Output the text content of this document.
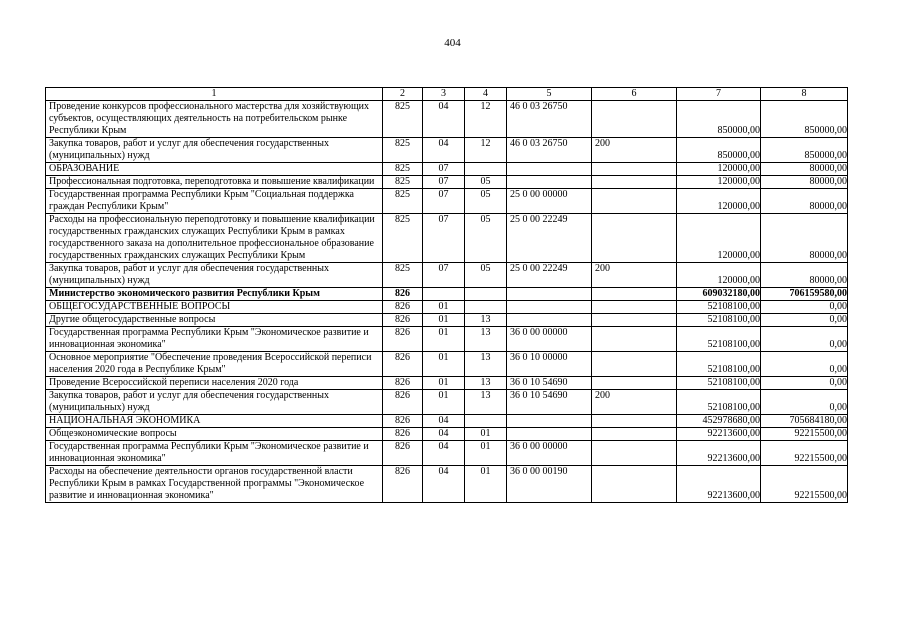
404
1	2	3	4	5	6	7	8
Проведение конкурсов профессионального мастерства для хозяйствующих субъектов, осуществляющих деятельность на потребительском рынке Республики Крым	825	04	12	46 0 03 26750		850000,00	850000,00
Закупка товаров, работ и услуг для обеспечения государственных (муниципальных) нужд	825	04	12	46 0 03 26750	200	850000,00	850000,00
ОБРАЗОВАНИЕ	825	07				120000,00	80000,00
Профессиональная подготовка, переподготовка и повышение квалификации	825	07	05			120000,00	80000,00
Государственная программа Республики Крым "Социальная поддержка граждан Республики Крым"	825	07	05	25 0 00 00000		120000,00	80000,00
Расходы на профессиональную переподготовку и повышение квалификации государственных гражданских служащих Республики Крым в рамках государственного заказа на дополнительное профессиональное образование государственных гражданских служащих Республики Крым	825	07	05	25 0 00 22249		120000,00	80000,00
Закупка товаров, работ и услуг для обеспечения государственных (муниципальных) нужд	825	07	05	25 0 00 22249	200	120000,00	80000,00
Министерство экономического развития Республики Крым	826					609032180,00	706159580,00
ОБЩЕГОСУДАРСТВЕННЫЕ ВОПРОСЫ	826	01				52108100,00	0,00
Другие общегосударственные вопросы	826	01	13			52108100,00	0,00
Государственная программа Республики Крым "Экономическое развитие и инновационная экономика"	826	01	13	36 0 00 00000		52108100,00	0,00
Основное мероприятие "Обеспечение проведения Всероссийской переписи населения 2020 года в Республике Крым"	826	01	13	36 0 10 00000		52108100,00	0,00
Проведение Всероссийской переписи населения 2020 года	826	01	13	36 0 10 54690		52108100,00	0,00
Закупка товаров, работ и услуг для обеспечения государственных (муниципальных) нужд	826	01	13	36 0 10 54690	200	52108100,00	0,00
НАЦИОНАЛЬНАЯ ЭКОНОМИКА	826	04				452978680,00	705684180,00
Общеэкономические вопросы	826	04	01			92213600,00	92215500,00
Государственная программа Республики Крым "Экономическое развитие и инновационная экономика"	826	04	01	36 0 00 00000		92213600,00	92215500,00
Расходы на обеспечение деятельности органов государственной власти Республики Крым в рамках Государственной программы "Экономическое развитие и инновационная экономика"	826	04	01	36 0 00 00190		92213600,00	92215500,00
